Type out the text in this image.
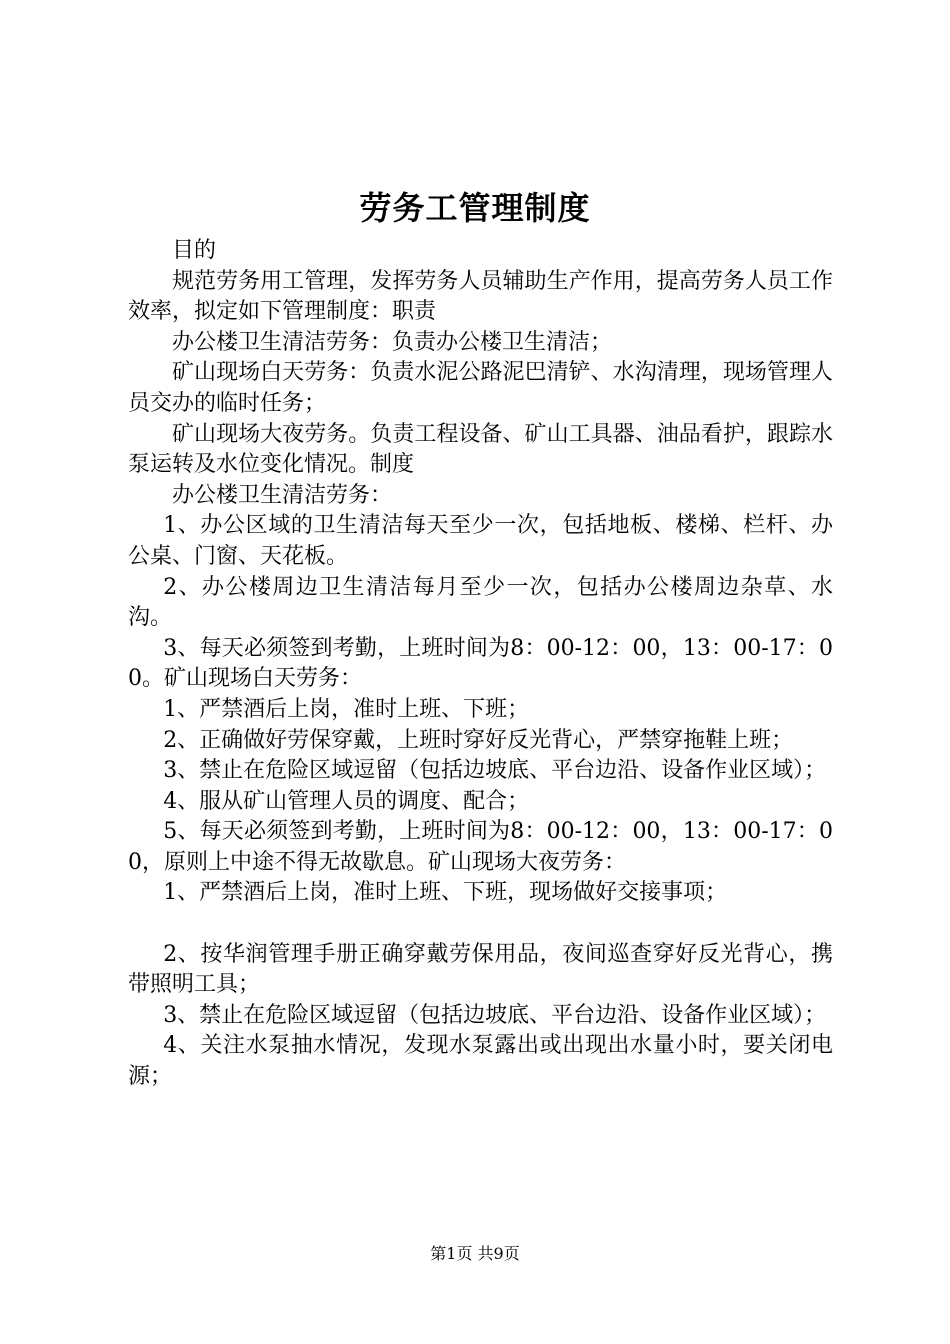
劳务工管理制度

目的

规范劳务用工管理，发挥劳务人员辅助生产作用，提高劳务人员工作效率，拟定如下管理制度：职责

办公楼卫生清洁劳务：负责办公楼卫生清洁；

矿山现场白天劳务：负责水泥公路泥巴清铲、水沟清理，现场管理人员交办的临时任务；

矿山现场大夜劳务。负责工程设备、矿山工具器、油品看护，跟踪水泵运转及水位变化情况。制度

办公楼卫生清洁劳务：

1、办公区域的卫生清洁每天至少一次，包括地板、楼梯、栏杆、办公桌、门窗、天花板。

2、办公楼周边卫生清洁每月至少一次，包括办公楼周边杂草、水沟。

3、每天必须签到考勤，上班时间为8：00-12：00，13：00-17：00。矿山现场白天劳务：

1、严禁酒后上岗，准时上班、下班；

2、正确做好劳保穿戴，上班时穿好反光背心，严禁穿拖鞋上班；

3、禁止在危险区域逗留（包括边坡底、平台边沿、设备作业区域）；

4、服从矿山管理人员的调度、配合；

5、每天必须签到考勤，上班时间为8：00-12：00，13：00-17：00，原则上中途不得无故歇息。矿山现场大夜劳务：

1、严禁酒后上岗，准时上班、下班，现场做好交接事项；

2、按华润管理手册正确穿戴劳保用品，夜间巡查穿好反光背心，携带照明工具；

3、禁止在危险区域逗留（包括边坡底、平台边沿、设备作业区域）；

4、关注水泵抽水情况，发现水泵露出或出现出水量小时，要关闭电源；

第1页 共9页
